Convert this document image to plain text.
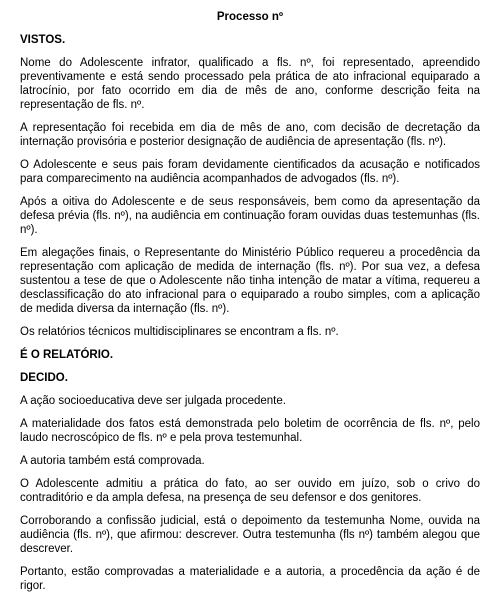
Processo nº
VISTOS.
Nome do Adolescente infrator, qualificado a fls. nº, foi representado, apreendido preventivamente e está sendo processado pela prática de ato infracional equiparado a latrocínio, por fato ocorrido em dia de mês de ano, conforme descrição feita na representação de fls. nº.
A representação foi recebida em dia de mês de ano, com decisão de decretação da internação provisória e posterior designação de audiência de apresentação (fls. nº).
O Adolescente e seus pais foram devidamente cientificados da acusação e notificados para comparecimento na audiência acompanhados de advogados (fls. nº).
Após a oitiva do Adolescente e de seus responsáveis, bem como da apresentação da defesa prévia (fls. nº), na audiência em continuação foram ouvidas duas testemunhas (fls. nº).
Em alegações finais, o Representante do Ministério Público requereu a procedência da representação com aplicação de medida de internação (fls. nº). Por sua vez, a defesa sustentou a tese de que o Adolescente não tinha intenção de matar a vítima, requereu a desclassificação do ato infracional para o equiparado a roubo simples, com a aplicação de medida diversa da internação (fls. nº).
Os relatórios técnicos multidisciplinares se encontram a fls. nº.
É O RELATÓRIO.
DECIDO.
A ação socioeducativa deve ser julgada procedente.
A materialidade dos fatos está demonstrada pelo boletim de ocorrência de fls. nº, pelo laudo necroscópico de fls. nº e pela prova testemunhal.
A autoria também está comprovada.
O Adolescente admitiu a prática do fato, ao ser ouvido em juízo, sob o crivo do contraditório e da ampla defesa, na presença de seu defensor e dos genitores.
Corroborando a confissão judicial, está o depoimento da testemunha Nome, ouvida na audiência (fls. nº), que afirmou: descrever. Outra testemunha (fls nº) também alegou que descrever.
Portanto, estão comprovadas a materialidade e a autoria, a procedência da ação é de rigor.
